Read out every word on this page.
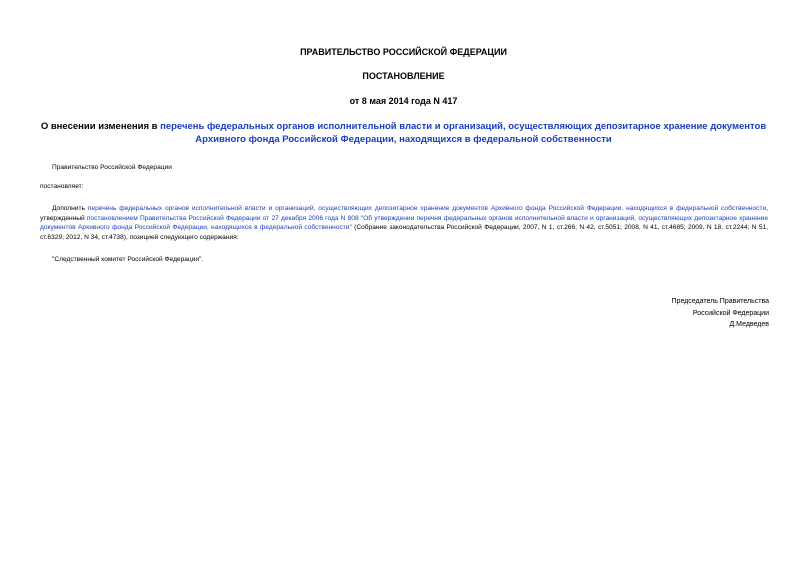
ПРАВИТЕЛЬСТВО РОССИЙСКОЙ ФЕДЕРАЦИИ
ПОСТАНОВЛЕНИЕ
от 8 мая 2014 года N 417
О внесении изменения в перечень федеральных органов исполнительной власти и организаций, осуществляющих депозитарное хранение документов Архивного фонда Российской Федерации, находящихся в федеральной собственности
Правительство Российской Федерации
постановляет:
Дополнить перечень федеральных органов исполнительной власти и организаций, осуществляющих депозитарное хранение документов Архивного фонда Российской Федерации, находящихся в федеральной собственности, утвержденный постановлением Правительства Российской Федерации от 27 декабря 2006 года N 808 "Об утверждении перечня федеральных органов исполнительной власти и организаций, осуществляющих депозитарное хранение документов Архивного фонда Российской Федерации, находящихся в федеральной собственности" (Собрание законодательства Российской Федерации, 2007, N 1, ст.266; N 42, ст.5051; 2008, N 41, ст.4685; 2009, N 18, ст.2244; N 51, ст.6329; 2012, N 34, ст.4738), позицией следующего содержания:
"Следственный комитет Российской Федерации".
Председатель Правительства
Российской Федерации
Д.Медведев
